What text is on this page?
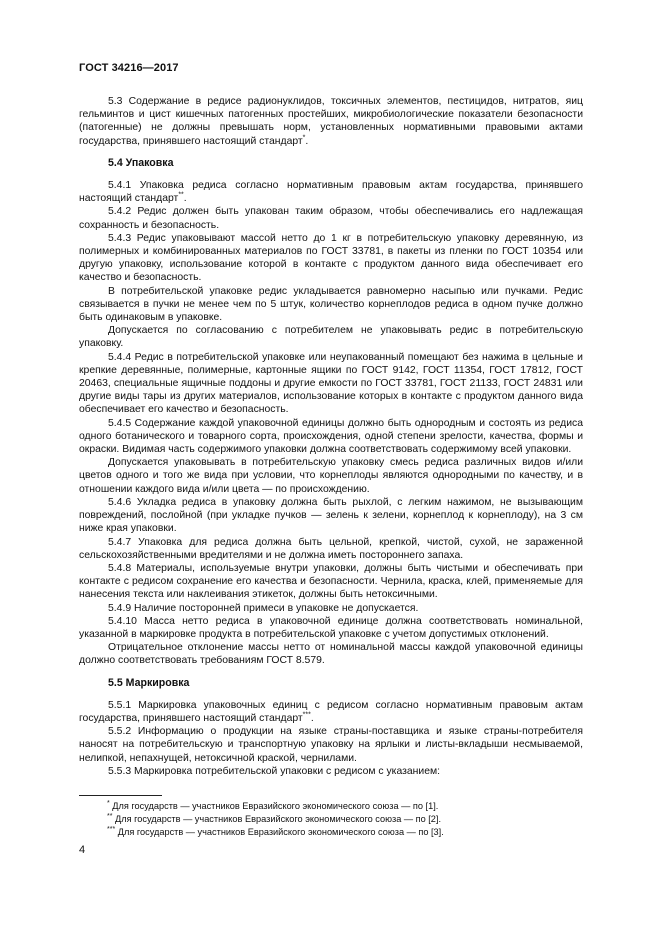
ГОСТ 34216—2017

5.3 Содержание в редисе радионуклидов, токсичных элементов, пестицидов, нитратов, яиц гельминтов и цист кишечных патогенных простейших, микробиологические показатели безопасности (патогенные) не должны превышать норм, установленных нормативными правовыми актами государства, принявшего настоящий стандарт*.

5.4 Упаковка

5.4.1 Упаковка редиса согласно нормативным правовым актам государства, принявшего настоящий стандарт**.

5.4.2 Редис должен быть упакован таким образом, чтобы обеспечивались его надлежащая сохранность и безопасность.

5.4.3 Редис упаковывают массой нетто до 1 кг в потребительскую упаковку деревянную, из полимерных и комбинированных материалов по ГОСТ 33781, в пакеты из пленки по ГОСТ 10354 или другую упаковку, использование которой в контакте с продуктом данного вида обеспечивает его качество и безопасность.

В потребительской упаковке редис укладывается равномерно насыпью или пучками. Редис связывается в пучки не менее чем по 5 штук, количество корнеплодов редиса в одном пучке должно быть одинаковым в упаковке.

Допускается по согласованию с потребителем не упаковывать редис в потребительскую упаковку.

5.4.4 Редис в потребительской упаковке или неупакованный помещают без нажима в цельные и крепкие деревянные, полимерные, картонные ящики по ГОСТ 9142, ГОСТ 11354, ГОСТ 17812, ГОСТ 20463, специальные ящичные поддоны и другие емкости по ГОСТ 33781, ГОСТ 21133, ГОСТ 24831 или другие виды тары из других материалов, использование которых в контакте с продуктом данного вида обеспечивает его качество и безопасность.

5.4.5 Содержание каждой упаковочной единицы должно быть однородным и состоять из редиса одного ботанического и товарного сорта, происхождения, одной степени зрелости, качества, формы и окраски. Видимая часть содержимого упаковки должна соответствовать содержимому всей упаковки.

Допускается упаковывать в потребительскую упаковку смесь редиса различных видов и/или цветов одного и того же вида при условии, что корнеплоды являются однородными по качеству, и в отношении каждого вида и/или цвета — по происхождению.

5.4.6 Укладка редиса в упаковку должна быть рыхлой, с легким нажимом, не вызывающим повреждений, послойной (при укладке пучков — зелень к зелени, корнеплод к корнеплоду), на 3 см ниже края упаковки.

5.4.7 Упаковка для редиса должна быть цельной, крепкой, чистой, сухой, не зараженной сельскохозяйственными вредителями и не должна иметь постороннего запаха.

5.4.8 Материалы, используемые внутри упаковки, должны быть чистыми и обеспечивать при контакте с редисом сохранение его качества и безопасности. Чернила, краска, клей, применяемые для нанесения текста или наклеивания этикеток, должны быть нетоксичными.

5.4.9 Наличие посторонней примеси в упаковке не допускается.

5.4.10 Масса нетто редиса в упаковочной единице должна соответствовать номинальной, указанной в маркировке продукта в потребительской упаковке с учетом допустимых отклонений.

Отрицательное отклонение массы нетто от номинальной массы каждой упаковочной единицы должно соответствовать требованиям ГОСТ 8.579.

5.5 Маркировка

5.5.1 Маркировка упаковочных единиц с редисом согласно нормативным правовым актам государства, принявшего настоящий стандарт***.

5.5.2 Информацию о продукции на языке страны-поставщика и языке страны-потребителя наносят на потребительскую и транспортную упаковку на ярлыки и листы-вкладыши несмываемой, нелипкой, непахнущей, нетоксичной краской, чернилами.

5.5.3 Маркировка потребительской упаковки с редисом с указанием:

* Для государств — участников Евразийского экономического союза — по [1].
** Для государств — участников Евразийского экономического союза — по [2].
*** Для государств — участников Евразийского экономического союза — по [3].
4
